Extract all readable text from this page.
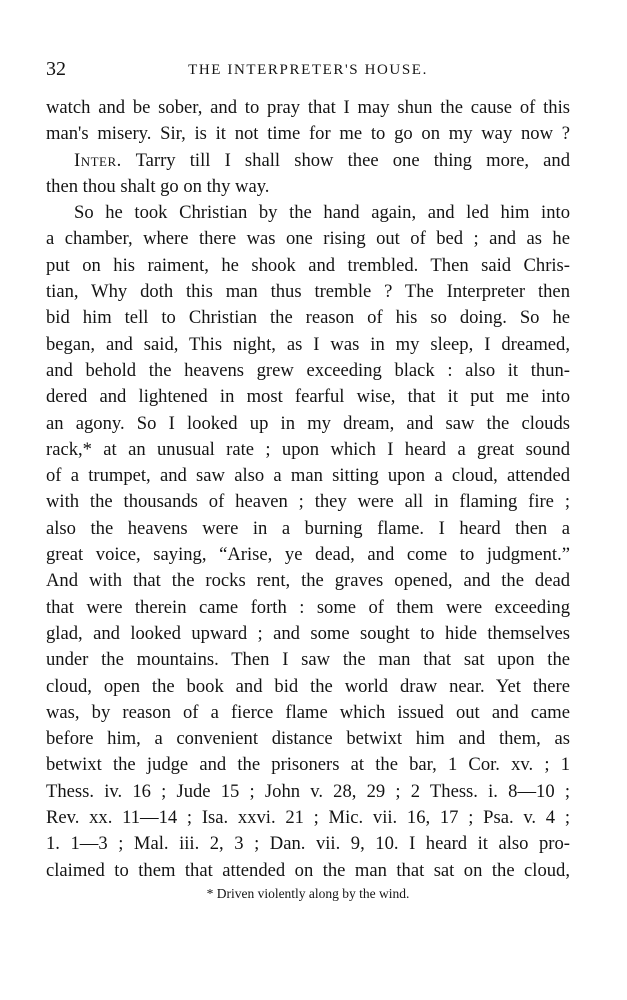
32	THE INTERPRETER'S HOUSE.
watch and be sober, and to pray that I may shun the cause of this
man's misery. Sir, is it not time for me to go on my way now ?
Inter. Tarry till I shall show thee one thing more, and
then thou shalt go on thy way.
So he took Christian by the hand again, and led him into
a chamber, where there was one rising out of bed ; and as he
put on his raiment, he shook and trembled. Then said Chris-
tian, Why doth this man thus tremble ? The Interpreter then
bid him tell to Christian the reason of his so doing. So he
began, and said, This night, as I was in my sleep, I dreamed,
and behold the heavens grew exceeding black : also it thun-
dered and lightened in most fearful wise, that it put me into
an agony. So I looked up in my dream, and saw the clouds
rack,* at an unusual rate ; upon which I heard a great sound
of a trumpet, and saw also a man sitting upon a cloud, attended
with the thousands of heaven ; they were all in flaming fire ;
also the heavens were in a burning flame. I heard then a
great voice, saying, “Arise, ye dead, and come to judgment.”
And with that the rocks rent, the graves opened, and the dead
that were therein came forth : some of them were exceeding
glad, and looked upward ; and some sought to hide themselves
under the mountains. Then I saw the man that sat upon the
cloud, open the book and bid the world draw near. Yet there
was, by reason of a fierce flame which issued out and came
before him, a convenient distance betwixt him and them, as
betwixt the judge and the prisoners at the bar, 1 Cor. xv. ; 1
Thess. iv. 16 ; Jude 15 ; John v. 28, 29 ; 2 Thess. i. 8—10 ;
Rev. xx. 11—14 ; Isa. xxvi. 21 ; Mic. vii. 16, 17 ; Psa. v. 4 ;
1. 1—3 ; Mal. iii. 2, 3 ; Dan. vii. 9, 10. I heard it also pro-
claimed to them that attended on the man that sat on the cloud,
* Driven violently along by the wind.
